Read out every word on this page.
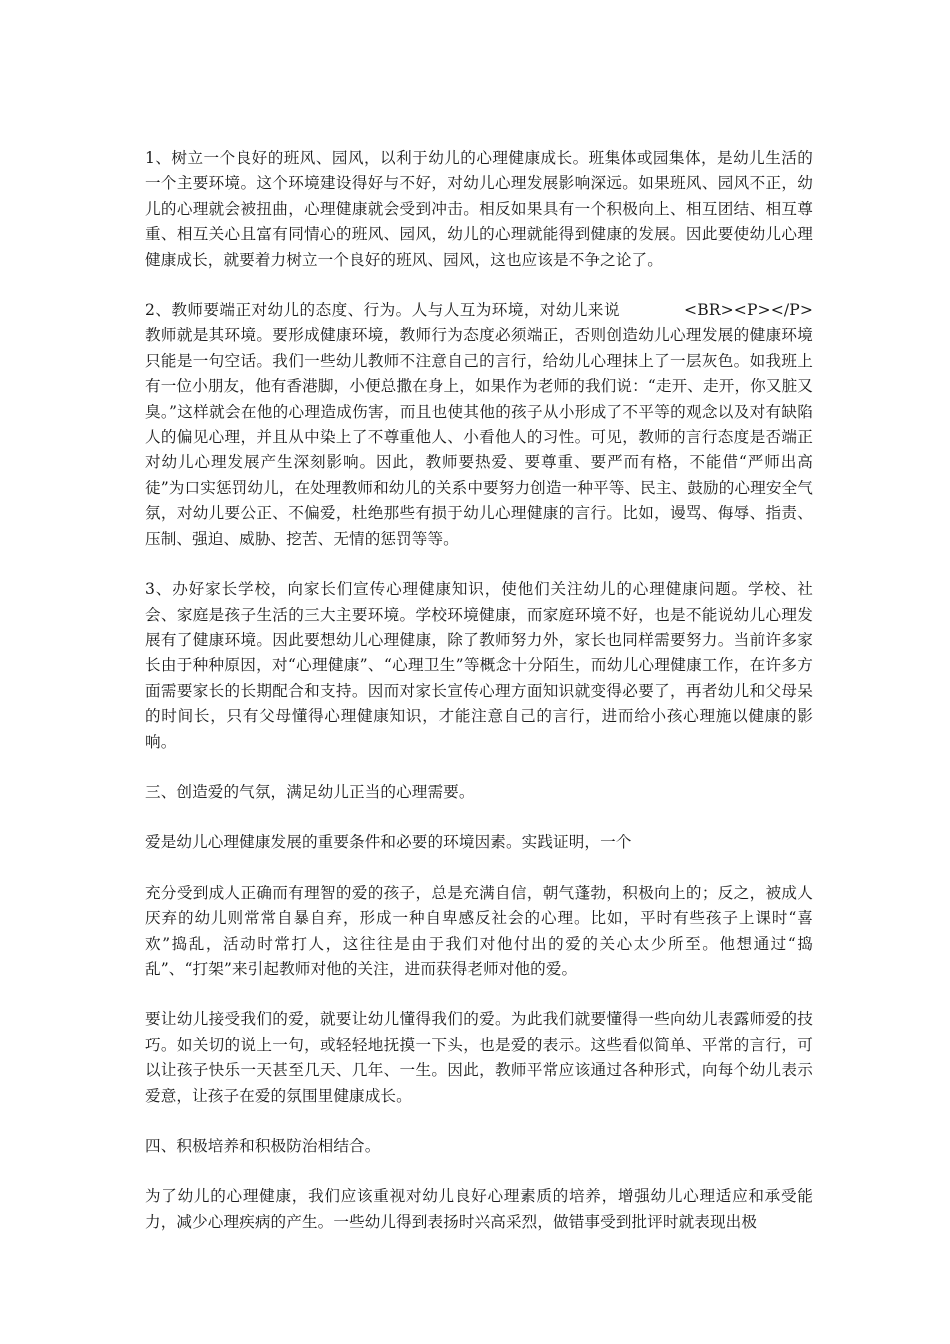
1、树立一个良好的班风、园风，以利于幼儿的心理健康成长。班集体或园集体，是幼儿生活的一个主要环境。这个环境建设得好与不好，对幼儿心理发展影响深远。如果班风、园风不正，幼儿的心理就会被扭曲，心理健康就会受到冲击。相反如果具有一个积极向上、相互团结、相互尊重、相互关心且富有同情心的班风、园风，幼儿的心理就能得到健康的发展。因此要使幼儿心理健康成长，就要着力树立一个良好的班风、园风，这也应该是不争之论了。

2、教师要端正对幼儿的态度、行为。人与人互为环境，对幼儿来说　　　　<BR><P></P>教师就是其环境。要形成健康环境，教师行为态度必须端正，否则创造幼儿心理发展的健康环境只能是一句空话。我们一些幼儿教师不注意自己的言行，给幼儿心理抹上了一层灰色。如我班上有一位小朋友，他有香港脚，小便总撒在身上，如果作为老师的我们说：“走开、走开，你又脏又臭。”这样就会在他的心理造成伤害，而且也使其他的孩子从小形成了不平等的观念以及对有缺陷人的偏见心理，并且从中染上了不尊重他人、小看他人的习性。可见，教师的言行态度是否端正对幼儿心理发展产生深刻影响。因此，教师要热爱、要尊重、要严而有格，不能借“严师出高徒”为口实惩罚幼儿，在处理教师和幼儿的关系中要努力创造一种平等、民主、鼓励的心理安全气氛，对幼儿要公正、不偏爱，杜绝那些有损于幼儿心理健康的言行。比如，谩骂、侮辱、指责、压制、强迫、威胁、挖苦、无情的惩罚等等。

3、办好家长学校，向家长们宣传心理健康知识，使他们关注幼儿的心理健康问题。学校、社会、家庭是孩子生活的三大主要环境。学校环境健康，而家庭环境不好，也是不能说幼儿心理发展有了健康环境。因此要想幼儿心理健康，除了教师努力外，家长也同样需要努力。当前许多家长由于种种原因，对“心理健康”、“心理卫生”等概念十分陌生，而幼儿心理健康工作，在许多方面需要家长的长期配合和支持。因而对家长宣传心理方面知识就变得必要了，再者幼儿和父母呆的时间长，只有父母懂得心理健康知识，才能注意自己的言行，进而给小孩心理施以健康的影响。

三、创造爱的气氛，满足幼儿正当的心理需要。

爱是幼儿心理健康发展的重要条件和必要的环境因素。实践证明，一个

充分受到成人正确而有理智的爱的孩子，总是充满自信，朝气蓬勃，积极向上的；反之，被成人厌弃的幼儿则常常自暴自弃，形成一种自卑感反社会的心理。比如，平时有些孩子上课时“喜欢”捣乱，活动时常打人，这往往是由于我们对他付出的爱的关心太少所至。他想通过“捣乱”、“打架”来引起教师对他的关注，进而获得老师对他的爱。

要让幼儿接受我们的爱，就要让幼儿懂得我们的爱。为此我们就要懂得一些向幼儿表露师爱的技巧。如关切的说上一句，或轻轻地抚摸一下头，也是爱的表示。这些看似简单、平常的言行，可以让孩子快乐一天甚至几天、几年、一生。因此，教师平常应该通过各种形式，向每个幼儿表示爱意，让孩子在爱的氛围里健康成长。

四、积极培养和积极防治相结合。

为了幼儿的心理健康，我们应该重视对幼儿良好心理素质的培养，增强幼儿心理适应和承受能力，减少心理疾病的产生。一些幼儿得到表扬时兴高采烈，做错事受到批评时就表现出极
